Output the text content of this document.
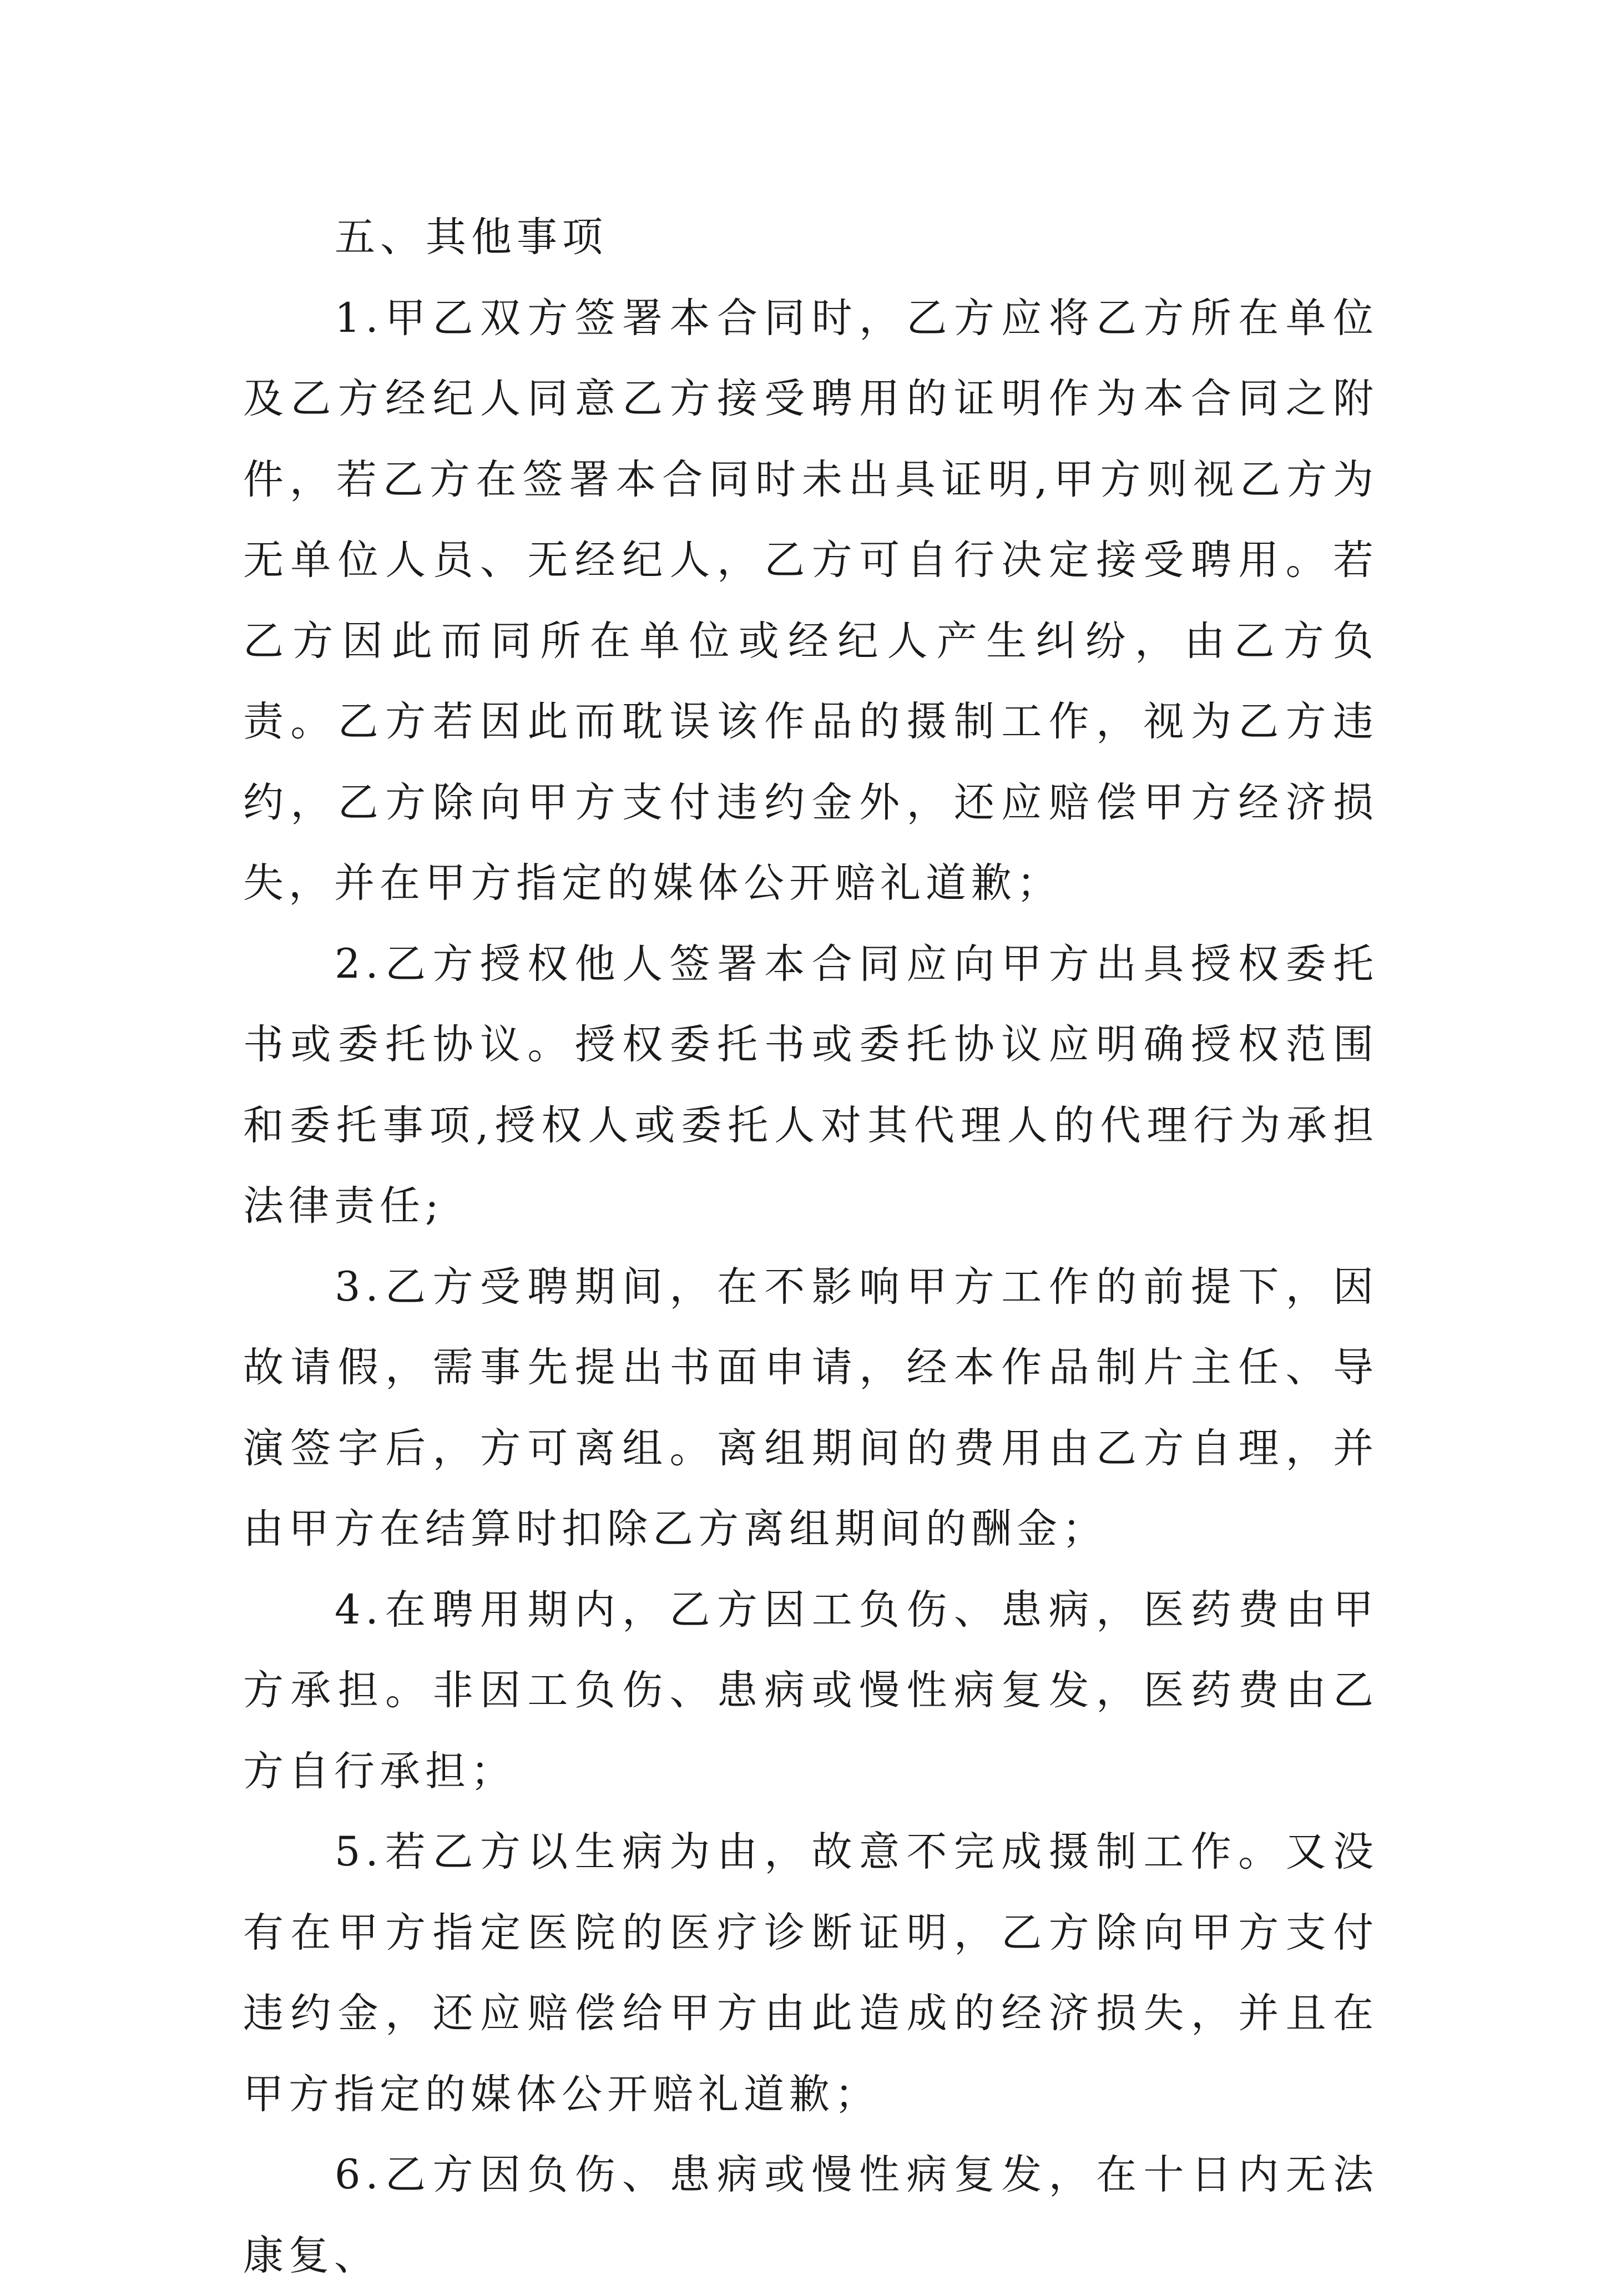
五、其他事项

1.甲乙双方签署本合同时，乙方应将乙方所在单位及乙方经纪人同意乙方接受聘用的证明作为本合同之附件，若乙方在签署本合同时未出具证明,甲方则视乙方为无单位人员、无经纪人，乙方可自行决定接受聘用。若乙方因此而同所在单位或经纪人产生纠纷，由乙方负责。乙方若因此而耽误该作品的摄制工作，视为乙方违约，乙方除向甲方支付违约金外，还应赔偿甲方经济损失，并在甲方指定的媒体公开赔礼道歉；

2.乙方授权他人签署本合同应向甲方出具授权委托书或委托协议。授权委托书或委托协议应明确授权范围和委托事项,授权人或委托人对其代理人的代理行为承担法律责任;

3.乙方受聘期间，在不影响甲方工作的前提下，因故请假，需事先提出书面申请，经本作品制片主任、导演签字后，方可离组。离组期间的费用由乙方自理，并由甲方在结算时扣除乙方离组期间的酬金；

4.在聘用期内，乙方因工负伤、患病，医药费由甲方承担。非因工负伤、患病或慢性病复发，医药费由乙方自行承担；

5.若乙方以生病为由，故意不完成摄制工作。又没有在甲方指定医院的医疗诊断证明，乙方除向甲方支付违约金，还应赔偿给甲方由此造成的经济损失，并且在甲方指定的媒体公开赔礼道歉；

6.乙方因负伤、患病或慢性病复发，在十日内无法康复、
